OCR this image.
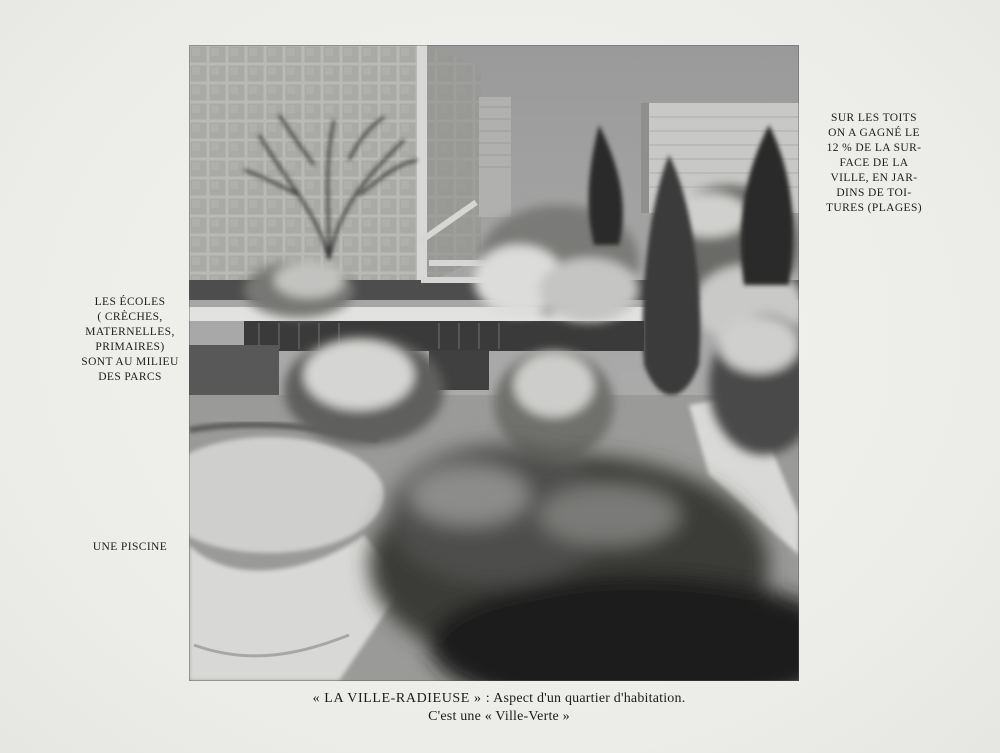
SUR LES TOITS
ON A GAGNÉ LE
12 % DE LA SUR-
FACE DE LA
VILLE, EN JAR-
DINS DE TOI-
TURES (PLAGES)
LES ÉCOLES
( CRÈCHES,
MATERNELLES,
PRIMAIRES)
SONT AU MILIEU
DES PARCS
UNE PISCINE
« LA VILLE-RADIEUSE » : Aspect d'un quartier d'habitation.
C'est une « Ville-Verte »
